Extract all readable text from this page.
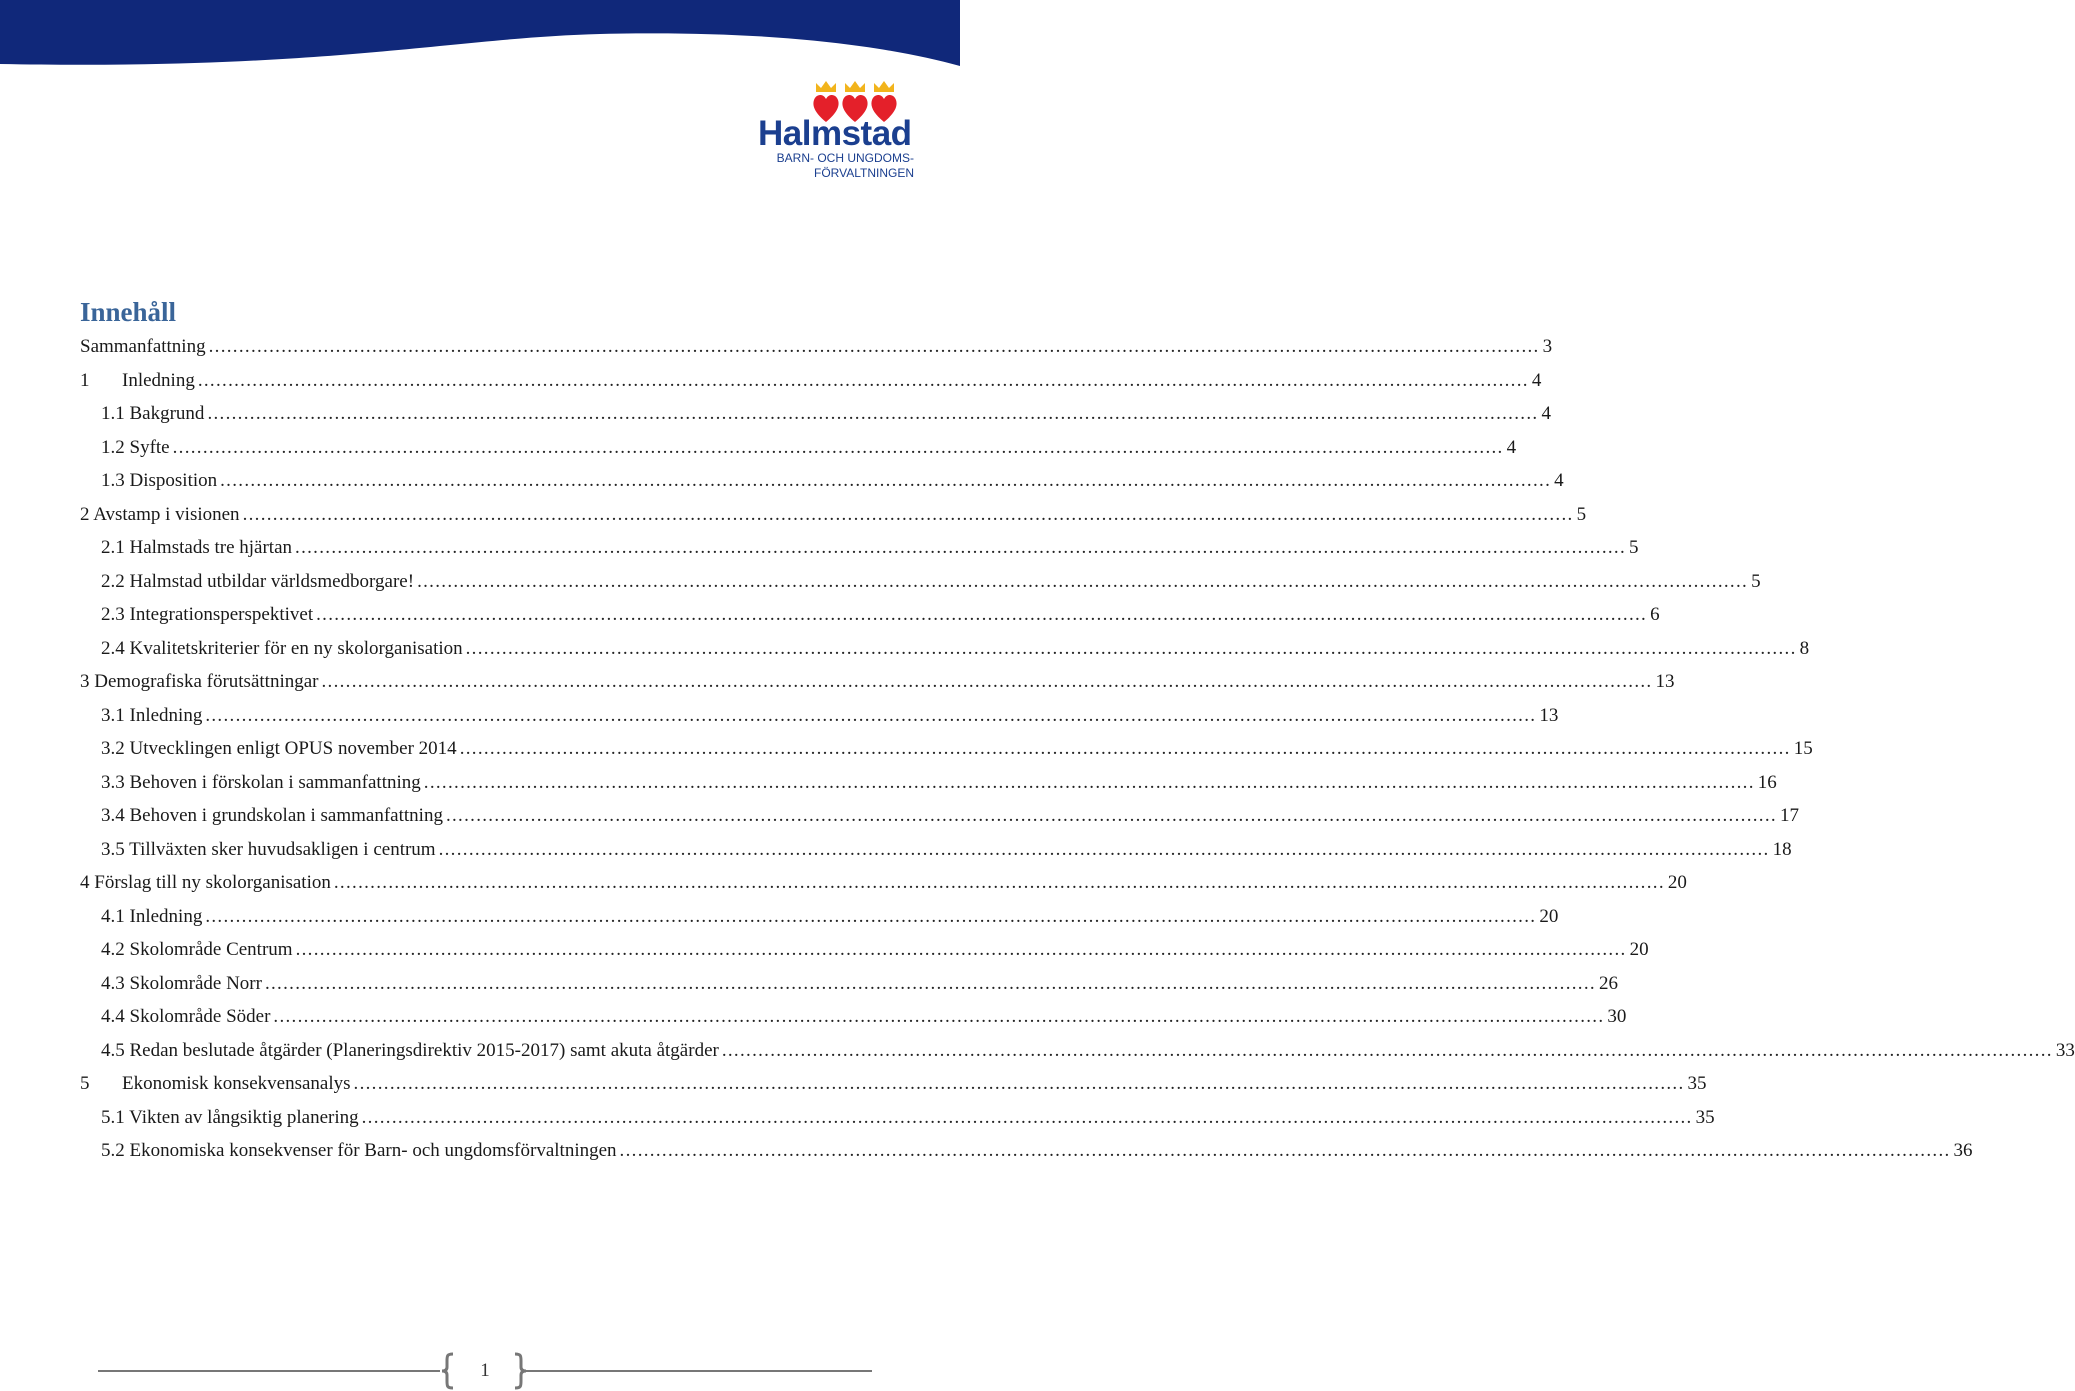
Halmstad
BARN- OCH UNGDOMS-
FÖRVALTNINGEN
Innehåll
Sammanfattning ............................................................................................................................................................................................................................ 3
1	Inledning ............................................................................................................................................................................................................................ 4
1.1 Bakgrund ............................................................................................................................................................................................................................ 4
1.2 Syfte ............................................................................................................................................................................................................................ 4
1.3 Disposition ............................................................................................................................................................................................................................ 4
2 Avstamp i visionen ............................................................................................................................................................................................................................ 5
2.1 Halmstads tre hjärtan ............................................................................................................................................................................................................................ 5
2.2 Halmstad utbildar världsmedborgare! ............................................................................................................................................................................................................................ 5
2.3 Integrationsperspektivet ............................................................................................................................................................................................................................ 6
2.4 Kvalitetskriterier för en ny skolorganisation ............................................................................................................................................................................................................................ 8
3 Demografiska förutsättningar ............................................................................................................................................................................................................................ 13
3.1 Inledning ............................................................................................................................................................................................................................ 13
3.2 Utvecklingen enligt OPUS november 2014 ............................................................................................................................................................................................................................ 15
3.3 Behoven i förskolan i sammanfattning ............................................................................................................................................................................................................................ 16
3.4 Behoven i grundskolan i sammanfattning ............................................................................................................................................................................................................................ 17
3.5 Tillväxten sker huvudsakligen i centrum ............................................................................................................................................................................................................................ 18
4 Förslag till ny skolorganisation ............................................................................................................................................................................................................................ 20
4.1 Inledning ............................................................................................................................................................................................................................ 20
4.2 Skolområde Centrum ............................................................................................................................................................................................................................ 20
4.3 Skolområde Norr ............................................................................................................................................................................................................................ 26
4.4 Skolområde Söder ............................................................................................................................................................................................................................ 30
4.5 Redan beslutade åtgärder (Planeringsdirektiv 2015-2017) samt akuta åtgärder ............................................................................................................................................................................................................................ 33
5	Ekonomisk konsekvensanalys ............................................................................................................................................................................................................................ 35
5.1 Vikten av långsiktig planering ............................................................................................................................................................................................................................ 35
5.2 Ekonomiska konsekvenser för Barn- och ungdomsförvaltningen ............................................................................................................................................................................................................................ 36
1
